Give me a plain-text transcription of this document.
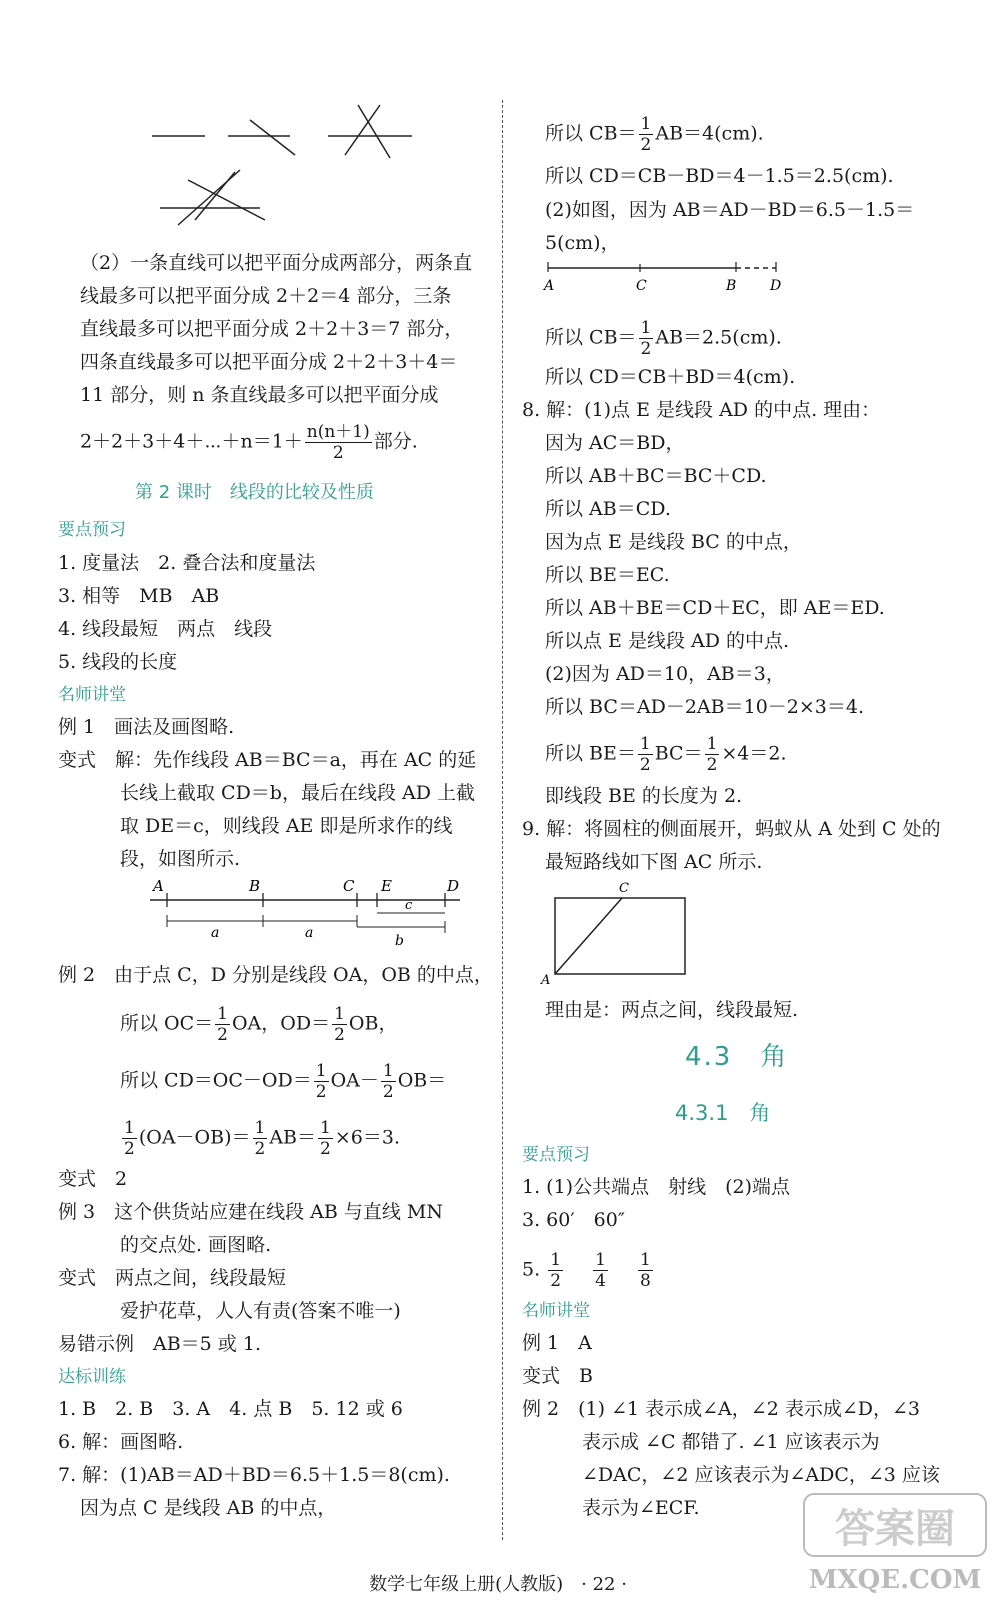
（2）一条直线可以把平面分成两部分，两条直
线最多可以把平面分成 2＋2＝4 部分，三条
直线最多可以把平面分成 2＋2＋3＝7 部分，
四条直线最多可以把平面分成 2＋2＋3＋4＝
11 部分，则 n 条直线最多可以把平面分成
2＋2＋3＋4＋⋯＋n＝1＋ $\frac{n(n+1)}{2}$ 部分.
第 2 课时　线段的比较及性质
要点预习
1. 度量法　2. 叠合法和度量法
3. 相等　MB　AB
4. 线段最短　两点　线段
5. 线段的长度
名师讲堂
例 1　画法及画图略.
变式　解：先作线段 AB＝BC＝a，再在 AC 的延
长线上截取 CD＝b，最后在线段 AD 上截
取 DE＝c，则线段 AE 即是所求作的线
段，如图所示.
A	B	C E	D
a	a	b
c
例 2　由于点 C，D 分别是线段 OA，OB 的中点，
所以 $OC= \frac{1}{2}$ OA，$OD= \frac{1}{2}$ OB，
所以 $CD=OC-OD= \frac{1}{2} OA- \frac{1}{2} OB=$
$\frac{1}{2} (OA-OB)= \frac{1}{2} AB= \frac{1}{2} \times 6=3$.
变式　2
例 3　这个供货站应建在线段 AB 与直线 MN
的交点处. 画图略.
变式　两点之间，线段最短
爱护花草，人人有责(答案不唯一)
易错示例　AB＝5 或 1.
达标训练
1. B　2. B　3. A　4. 点 B　5. 12 或 6
6. 解：画图略.
7. 解：(1)AB＝AD＋BD＝6.5＋1.5＝8(cm).
因为点 C 是线段 AB 的中点，
所以 $CB= \frac{1}{2} AB=4(cm)$.
所以 CD＝CB－BD＝4－1.5＝2.5(cm).
(2)如图，因为 AB＝AD－BD＝6.5－1.5＝
5(cm)，
A	C	B D
所以 $CB= \frac{1}{2} AB=2.5(cm)$.
所以 CD＝CB＋BD＝4(cm).
8. 解：(1)点 E 是线段 AD 的中点. 理由：
因为 AC＝BD，
所以 AB＋BC＝BC＋CD.
所以 AB＝CD.
因为点 E 是线段 BC 的中点，
所以 BE＝EC.
所以 AB＋BE＝CD＋EC，即 AE＝ED.
所以点 E 是线段 AD 的中点.
(2)因为 AD＝10，AB＝3，
所以 BC＝AD－2AB＝10－2×3＝4.
所以 $BE= \frac{1}{2} BC= \frac{1}{2} \times 4=2$.
即线段 BE 的长度为 2.
9. 解：将圆柱的侧面展开，蚂蚁从 A 处到 C 处的
最短路线如下图 AC 所示.
C
A
理由是：两点之间，线段最短.
4.3　角
4.3.1　角
要点预习
1. (1)公共端点　射线　(2)端点
3. 60′　60″
5. $\frac{1}{2}$
$\frac{1}{4}$
$\frac{1}{8}$
名师讲堂
例 1　A
变式　B
例 2　(1) ∠1 表示成∠A，∠2 表示成∠D，∠3
表示成 ∠C 都错了. ∠1 应该表示为
∠DAC，∠2 应该表示为∠ADC，∠3 应该
表示为∠ECF.	答案圈
MXQE.COM
数学七年级上册(人教版)　· 22 ·
